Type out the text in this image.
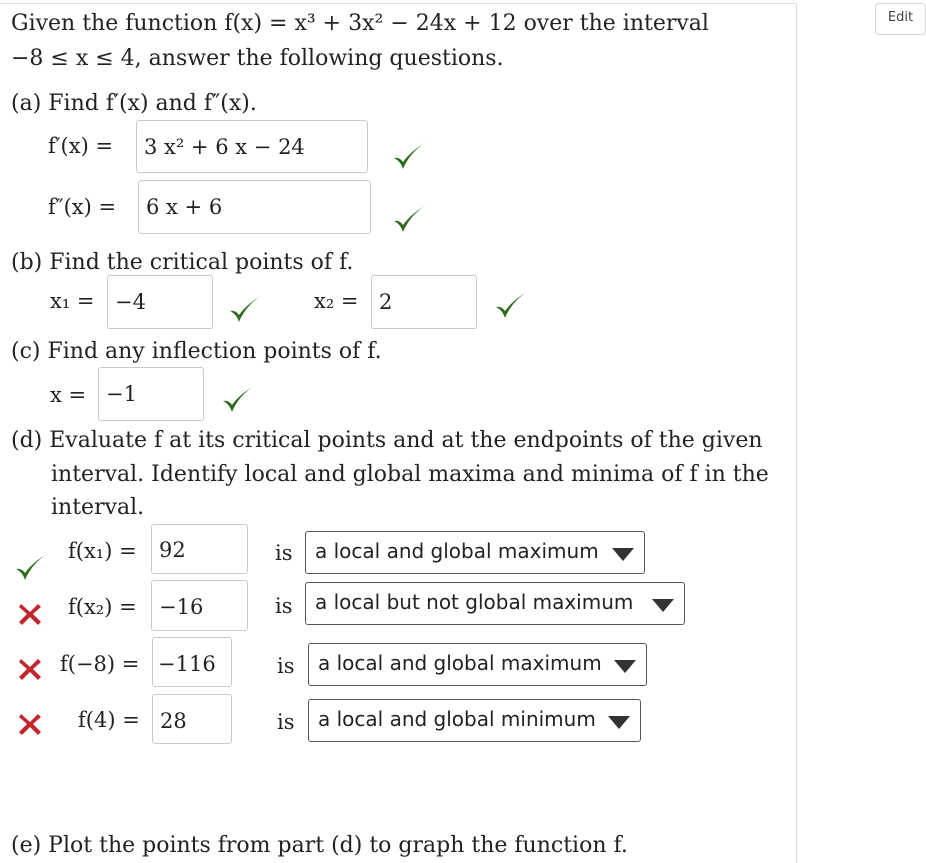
Edit
Given the function f(x) = x³ + 3x² − 24x + 12 over the interval
−8 ≤ x ≤ 4, answer the following questions.
(a) Find f′(x) and f″(x).
f′(x) =	3 x² + 6 x − 24
f″(x) =	6 x + 6
(b) Find the critical points of f.
x₁ = −4	x₂ = 2
(c) Find any inflection points of f.
x = −1
(d) Evaluate f at its critical points and at the endpoints of the given
interval. Identify local and global maxima and minima of f in the
interval.
f(x₁) =	92	is	a local and global maximum
f(x₂) =	−16	is	a local but not global maximum
f(−8) = −116	is	a local and global maximum
f(4) = 28	is	a local and global minimum
(e) Plot the points from part (d) to graph the function f.
